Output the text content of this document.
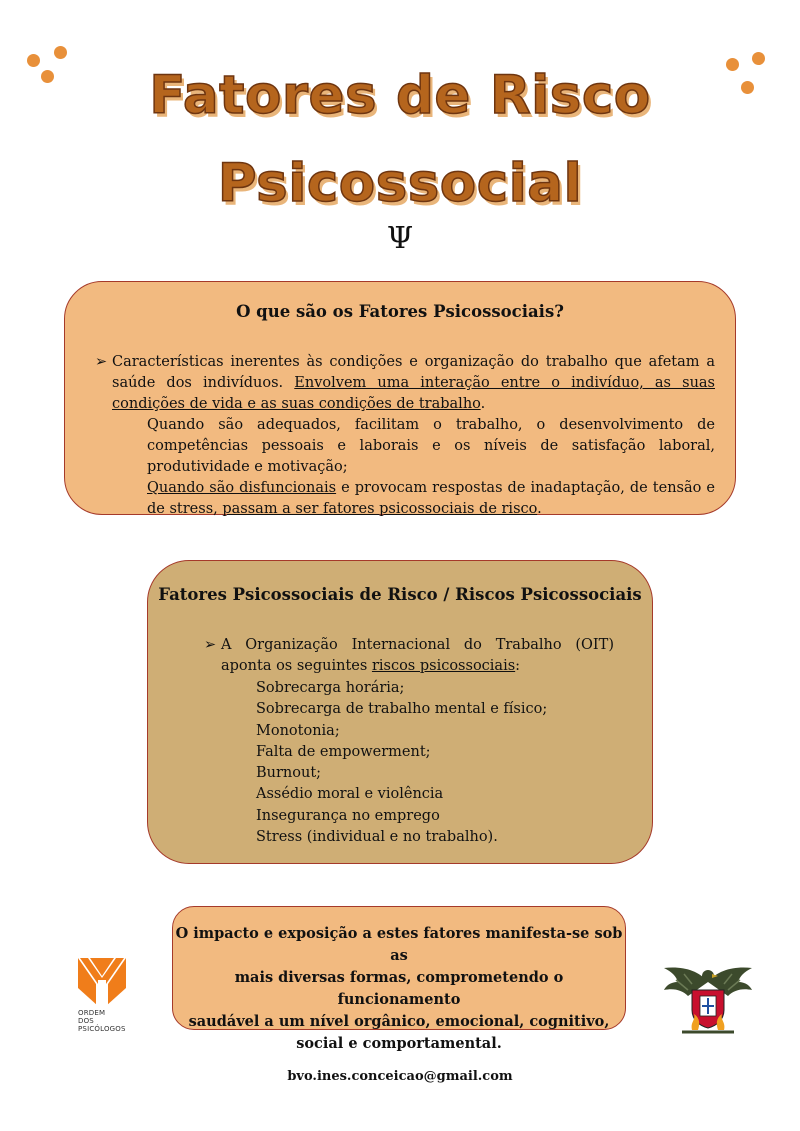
Fatores de Risco
Psicossocial
Ψ
O que são os Fatores Psicossociais?
➢ Características inerentes às condições e organização do trabalho que afetam a saúde dos indivíduos. Envolvem uma interação entre o indivíduo, as suas condições de vida e as suas condições de trabalho.
Quando são adequados, facilitam o trabalho, o desenvolvimento de competências pessoais e laborais e os níveis de satisfação laboral, produtividade e motivação;
Quando são disfuncionais e provocam respostas de inadaptação, de tensão e de stress, passam a ser fatores psicossociais de risco.
Fatores Psicossociais de Risco / Riscos Psicossociais
➢ A Organização Internacional do Trabalho (OIT) aponta os seguintes riscos psicossociais:
Sobrecarga horária;
Sobrecarga de trabalho mental e físico;
Monotonia;
Falta de empowerment;
Burnout;
Assédio moral e violência
Insegurança no emprego
Stress (individual e no trabalho).
O impacto e exposição a estes fatores manifesta-se sob as
mais diversas formas, comprometendo o funcionamento
saudável a um nível orgânico, emocional, cognitivo,
social e comportamental.
ORDEM
DOS
PSICÓLOGOS
bvo.ines.conceicao@gmail.com
